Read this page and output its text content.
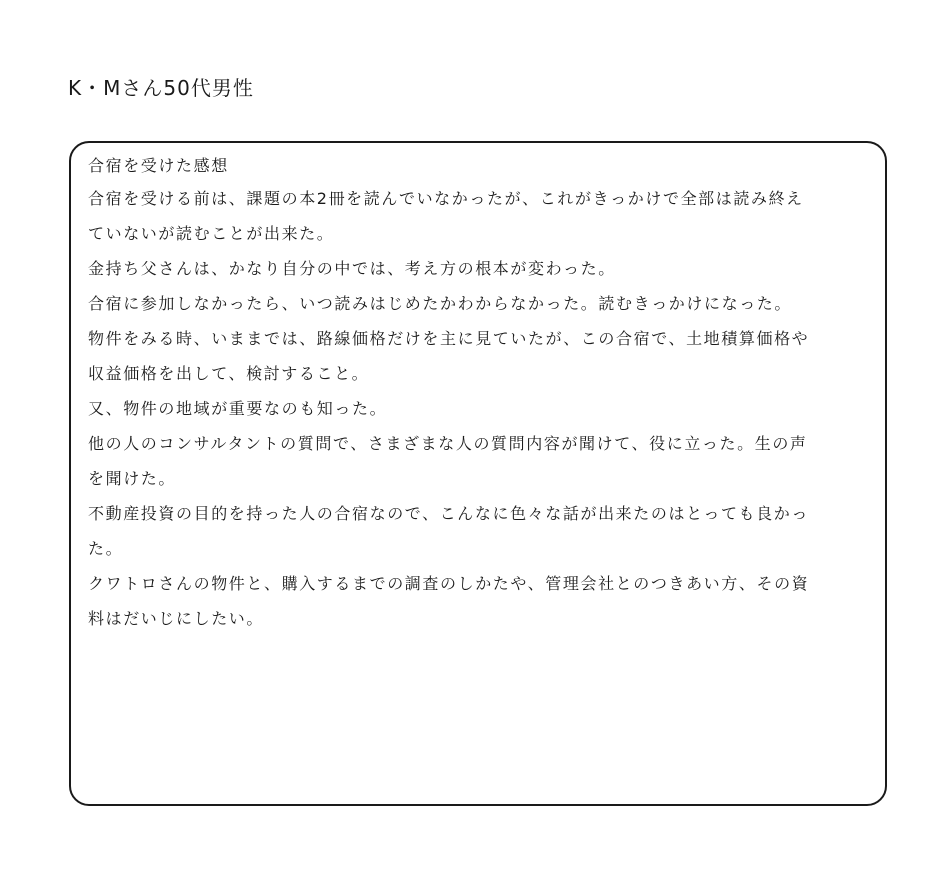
K・Mさん50代男性
合宿を受けた感想
合宿を受ける前は、課題の本2冊を読んでいなかったが、これがきっかけで全部は読み終え
ていないが読むことが出来た。
金持ち父さんは、かなり自分の中では、考え方の根本が変わった。
合宿に参加しなかったら、いつ読みはじめたかわからなかった。読むきっかけになった。
物件をみる時、いままでは、路線価格だけを主に見ていたが、この合宿で、土地積算価格や
収益価格を出して、検討すること。
又、物件の地域が重要なのも知った。
他の人のコンサルタントの質問で、さまざまな人の質問内容が聞けて、役に立った。生の声
を聞けた。
不動産投資の目的を持った人の合宿なので、こんなに色々な話が出来たのはとっても良かっ
た。
クワトロさんの物件と、購入するまでの調査のしかたや、管理会社とのつきあい方、その資
料はだいじにしたい。
